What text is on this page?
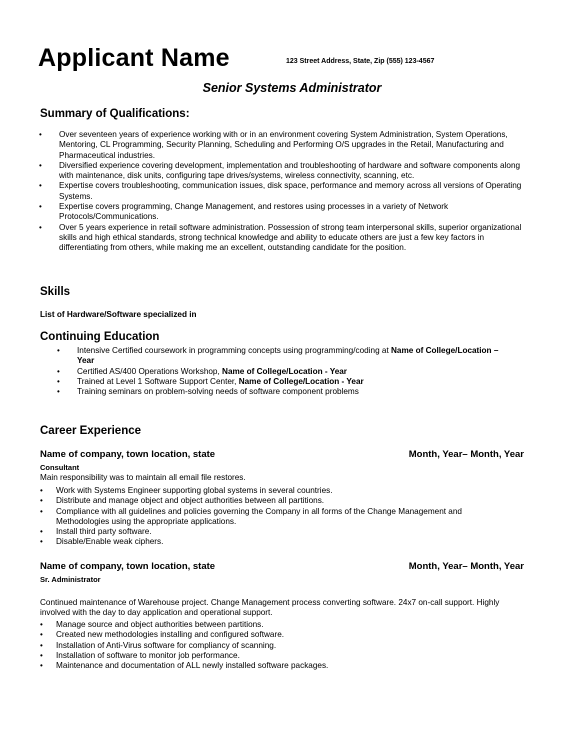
Applicant Name	123 Street Address, State, Zip (555) 123-4567
Senior Systems Administrator
Summary of Qualifications:
• Over seventeen years of experience working with or in an environment covering System Administration, System Operations, Mentoring, CL Programming, Security Planning, Scheduling and Performing O/S upgrades in the Retail, Manufacturing and Pharmaceutical industries.
• Diversified experience covering development, implementation and troubleshooting of hardware and software components along with maintenance, disk units, configuring tape drives/systems, wireless connectivity, scanning, etc.
• Expertise covers troubleshooting, communication issues, disk space, performance and memory across all versions of Operating Systems.
• Expertise covers programming, Change Management, and restores using processes in a variety of Network Protocols/Communications.
• Over 5 years experience in retail software administration. Possession of strong team interpersonal skills, superior organizational skills and high ethical standards, strong technical knowledge and ability to educate others are just a few key factors in differentiating from others, while making me an excellent, outstanding candidate for the position.
Skills
List of Hardware/Software specialized in
Continuing Education
• Intensive Certified coursework in programming concepts using programming/coding at Name of College/Location – Year
• Certified AS/400 Operations Workshop, Name of College/Location - Year
• Trained at Level 1 Software Support Center, Name of College/Location - Year
• Training seminars on problem-solving needs of software component problems
Career Experience
Name of company, town location, state	Month, Year– Month, Year
Consultant
Main responsibility was to maintain all email file restores.
• Work with Systems Engineer supporting global systems in several countries.
• Distribute and manage object and object authorities between all partitions.
• Compliance with all guidelines and policies governing the Company in all forms of the Change Management and Methodologies using the appropriate applications.
• Install third party software.
• Disable/Enable weak ciphers.
Name of company, town location, state	Month, Year– Month, Year
Sr. Administrator
Continued maintenance of Warehouse project. Change Management process converting software. 24x7 on-call support. Highly involved with the day to day application and operational support.
• Manage source and object authorities between partitions.
• Created new methodologies installing and configured software.
• Installation of Anti-Virus software for compliancy of scanning.
• Installation of software to monitor job performance.
• Maintenance and documentation of ALL newly installed software packages.
